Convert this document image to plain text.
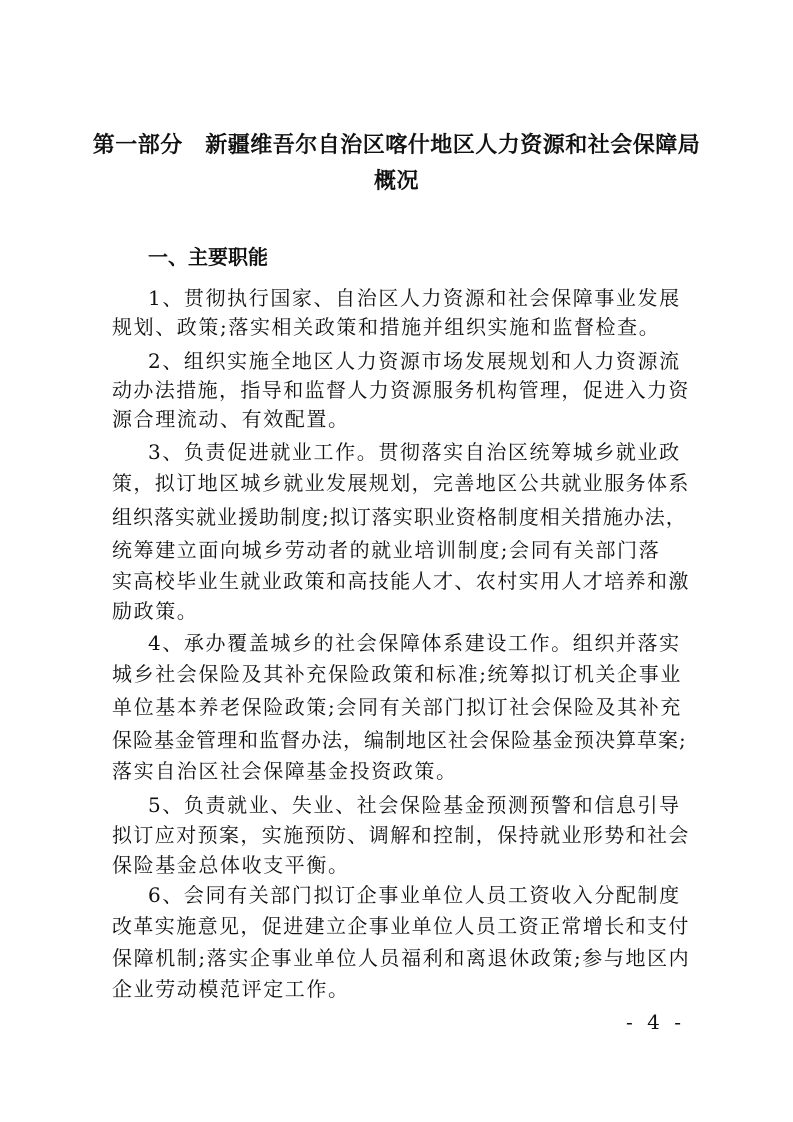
第一部分　新疆维吾尔自治区喀什地区人力资源和社会保障局
概况
一、主要职能
1、贯彻执行国家、自治区人力资源和社会保障事业发展
规划、政策;落实相关政策和措施并组织实施和监督检查。
2、组织实施全地区人力资源市场发展规划和人力资源流
动办法措施，指导和监督人力资源服务机构管理，促进入力资
源合理流动、有效配置。
3、负责促进就业工作。贯彻落实自治区统筹城乡就业政
策，拟订地区城乡就业发展规划，完善地区公共就业服务体系
组织落实就业援助制度;拟订落实职业资格制度相关措施办法，
统筹建立面向城乡劳动者的就业培训制度;会同有关部门落
实高校毕业生就业政策和高技能人才、农村实用人才培养和激
励政策。
4、承办覆盖城乡的社会保障体系建设工作。组织并落实
城乡社会保险及其补充保险政策和标准;统筹拟订机关企事业
单位基本养老保险政策;会同有关部门拟订社会保险及其补充
保险基金管理和监督办法，编制地区社会保险基金预决算草案;
落实自治区社会保障基金投资政策。
5、负责就业、失业、社会保险基金预测预警和信息引导
拟订应对预案，实施预防、调解和控制，保持就业形势和社会
保险基金总体收支平衡。
6、会同有关部门拟订企事业单位人员工资收入分配制度
改革实施意见，促进建立企事业单位人员工资正常增长和支付
保障机制;落实企事业单位人员福利和离退休政策;参与地区内
企业劳动模范评定工作。
- 4 -
